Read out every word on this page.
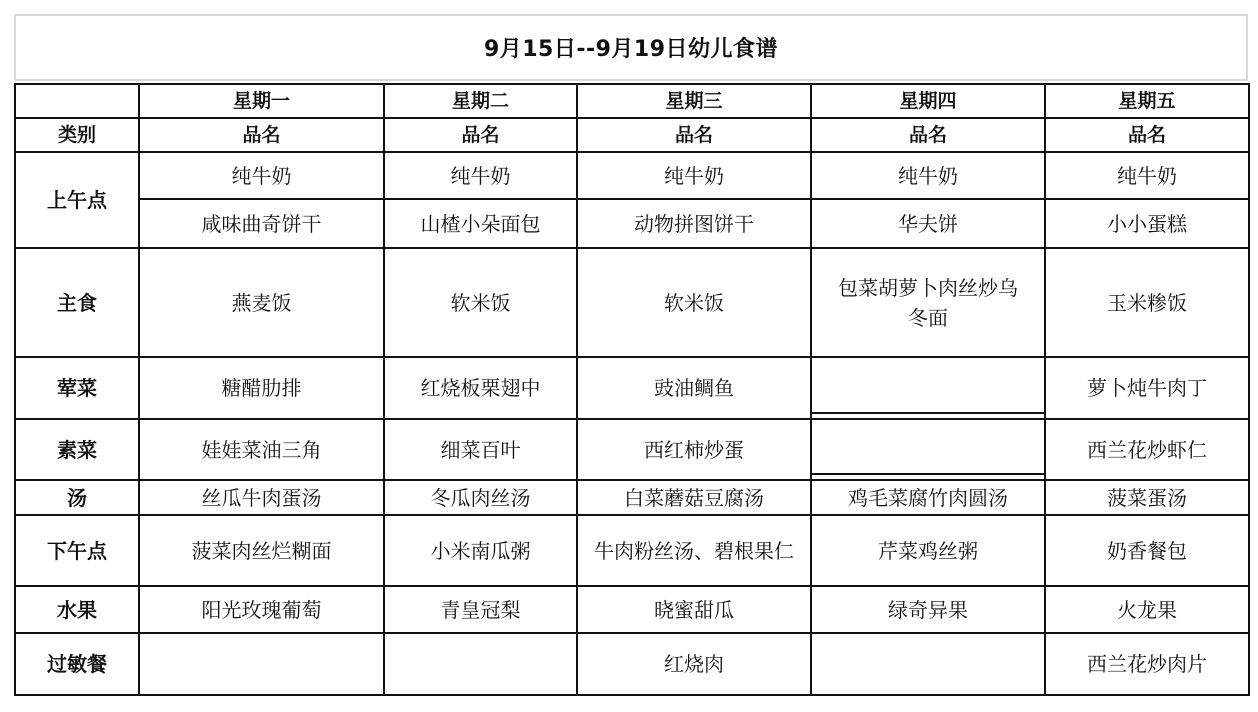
9月15日--9月19日幼儿食谱
	星期一	星期二	星期三	星期四	星期五
类别	品名	品名	品名	品名	品名
上午点	纯牛奶	纯牛奶	纯牛奶	纯牛奶	纯牛奶
	咸味曲奇饼干	山楂小朵面包	动物拼图饼干	华夫饼	小小蛋糕
主食	燕麦饭	软米饭	软米饭	包菜胡萝卜肉丝炒乌冬面	玉米糁饭
荤菜	糖醋肋排	红烧板栗翅中	豉油鲷鱼		萝卜炖牛肉丁
素菜	娃娃菜油三角	细菜百叶	西红柿炒蛋		西兰花炒虾仁
汤	丝瓜牛肉蛋汤	冬瓜肉丝汤	白菜蘑菇豆腐汤	鸡毛菜腐竹肉圆汤	菠菜蛋汤
下午点	菠菜肉丝烂糊面	小米南瓜粥	牛肉粉丝汤、碧根果仁	芹菜鸡丝粥	奶香餐包
水果	阳光玫瑰葡萄	青皇冠梨	晓蜜甜瓜	绿奇异果	火龙果
过敏餐			红烧肉		西兰花炒肉片
